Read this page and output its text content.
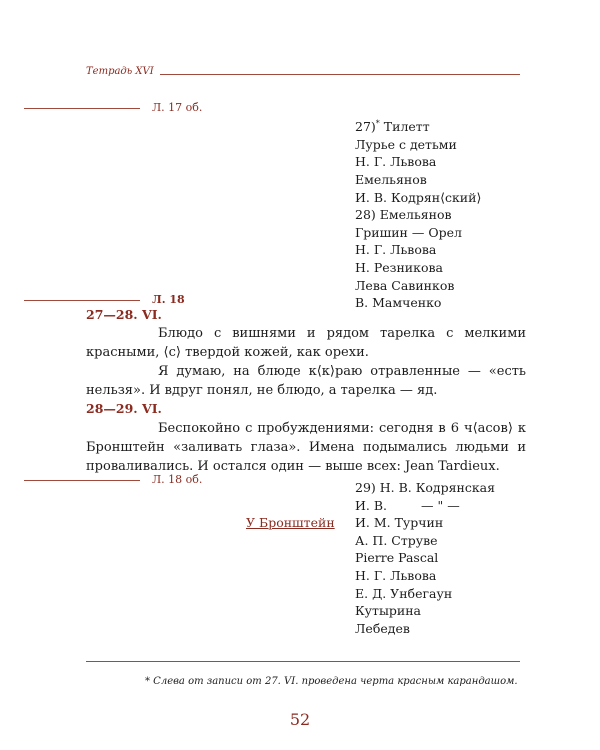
Тетрадь XVI
Л. 17 об.
27)* Тилетт
Лурье с детьми
Н. Г. Львова
Емельянов
И. В. Кодрян⟨ский⟩
28) Емельянов
Гришин — Орел
Н. Г. Львова
Н. Резникова
Лева Савинков
В. Мамченко
Л. 18
27—28. VI.

Блюдо с вишнями и рядом тарелка с мелкими красными, ⟨с⟩ твердой кожей, как орехи.

Я думаю, на блюде к⟨к⟩раю отравленные — «есть нельзя». И вдруг понял, не блюдо, а тарелка — яд.

28—29. VI.

Беспокойно с пробуждениями: сегодня в 6 ч⟨асов⟩ к Бронштейн «заливать глаза». Имена подымались людьми и проваливались. И остался один — выше всех: Jean Tardieux.

Л. 18 об.
У Бронштейн
29) Н. В. Кодрянская
И. В.	— " —
И. М. Турчин
А. П. Струве
Pierre Pascal
Н. Г. Львова
Е. Д. Унбегаун
Кутырина
Лебедев
* Слева от записи от 27. VI. проведена черта красным карандашом.
52
